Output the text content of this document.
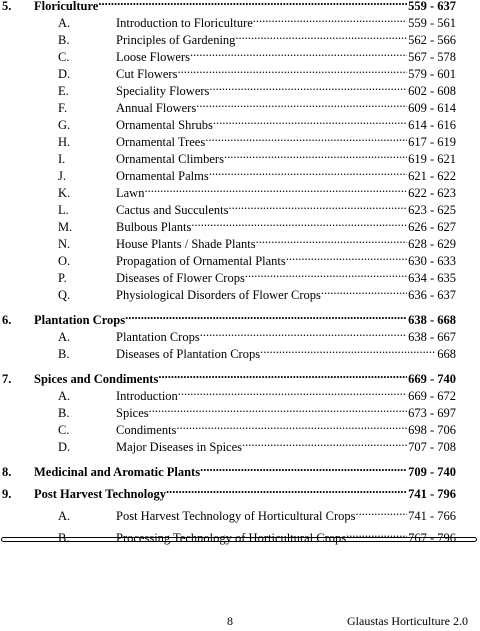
5.	Floriculture .....	559 - 637
A.	Introduction to Floriculture .....	559 - 561
B.	Principles of Gardening .....	562 - 566
C.	Loose Flowers .....	567 - 578
D.	Cut Flowers .....	579 - 601
E.	Speciality Flowers .....	602 - 608
F.	Annual Flowers .....	609 - 614
G.	Ornamental Shrubs .....	614 - 616
H.	Ornamental Trees .....	617 - 619
I.	Ornamental Climbers .....	619 - 621
J.	Ornamental Palms .....	621 - 622
K.	Lawn .....	622 - 623
L.	Cactus and Succulents .....	623 - 625
M.	Bulbous Plants .....	626 - 627
N.	House Plants / Shade Plants .....	628 - 629
O.	Propagation of Ornamental Plants .....	630 - 633
P.	Diseases of Flower Crops .....	634 - 635
Q.	Physiological Disorders of Flower Crops .....	636 - 637
6.	Plantation Crops .....	638 - 668
A.	Plantation Crops .....	638 - 667
B.	Diseases of Plantation Crops .....	668
7.	Spices and Condiments .....	669 - 740
A.	Introduction .....	669 - 672
B.	Spices .....	673 - 697
C.	Condiments .....	698 - 706
D.	Major Diseases in Spices .....	707 - 708
8.	Medicinal and Aromatic Plants .....	709 - 740
9.	Post Harvest Technology .....	741 - 796
A.	Post Harvest Technology of Horticultural Crops .....	741 - 766
B.	Processing Technology of Horticultural Crops .....	767 - 796
8	Glaustas Horticulture 2.0
